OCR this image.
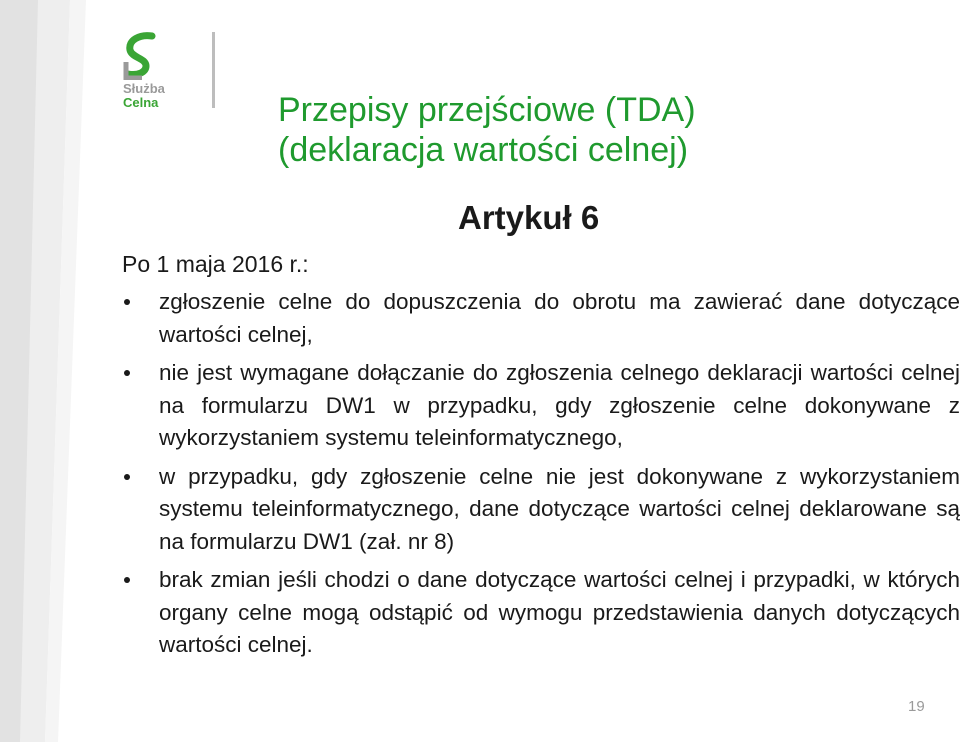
Służba
Celna	Przepisy przejściowe (TDA) (deklaracja wartości celnej)
Artykuł 6

Po 1 maja 2016 r.:

zgłoszenie celne do dopuszczenia do obrotu ma zawierać dane dotyczące wartości celnej,
nie jest wymagane dołączanie do zgłoszenia celnego deklaracji wartości celnej na formularzu DW1 w przypadku, gdy zgłoszenie celne dokonywane z wykorzystaniem systemu teleinformatycznego,
w przypadku, gdy zgłoszenie celne nie jest dokonywane z wykorzystaniem systemu teleinformatycznego, dane dotyczące wartości celnej deklarowane są na formularzu DW1 (zał. nr 8)
brak zmian jeśli chodzi o dane dotyczące wartości celnej i przypadki, w których organy celne mogą odstąpić od wymogu przedstawienia danych dotyczących wartości celnej.
19
